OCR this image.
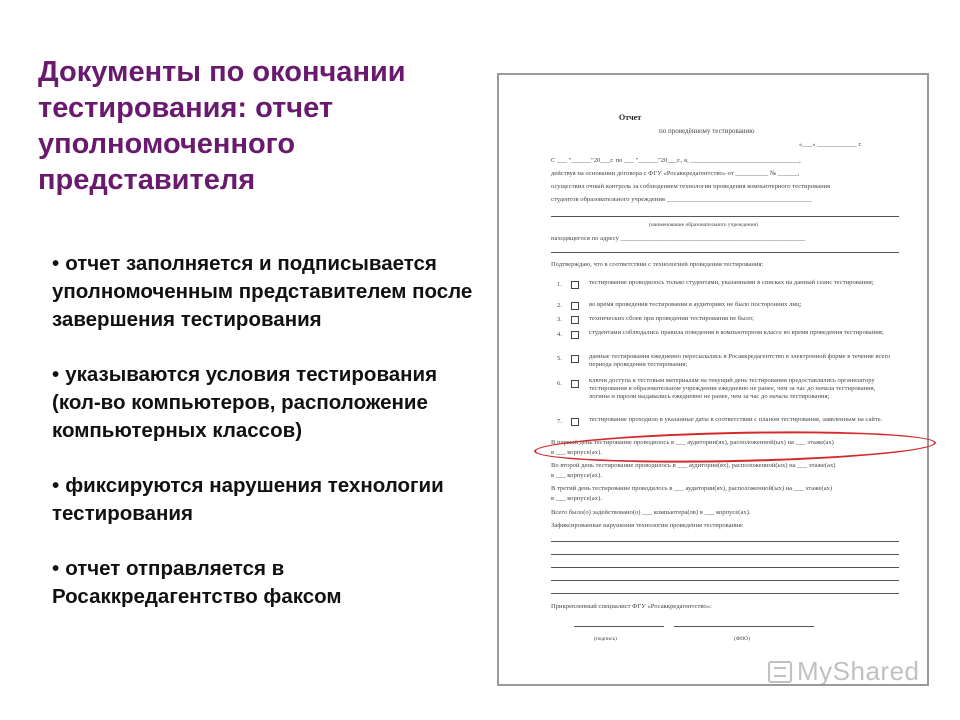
Документы по окончании тестирования: отчет уполномоченного представителя
• отчет заполняется и подписывается уполномоченным представителем после завершения тестирования
• указываются условия тестирования (кол-во компьютеров, расположение компьютерных классов)
• фиксируются нарушения технологии тестирования
• отчет отправляется в Росаккредагентство факсом
Отчет
по проведённому тестированию
«___» ____________ г.
С ___ "______"20___г. по ___ "______"20___г., я, _________________________________,
действуя на основании договора с ФГУ «Росаккредагентство» от __________ № ______,
осуществил очный контроль за соблюдением технологии проведения компьютерного тестирования
студентов образовательного учреждения ____________________________________________
(наименование образовательного учреждения)
находящегося по адресу ________________________________________________________
Подтверждаю, что в соответствии с технологией проведения тестирования:
1.	тестирование проводилось только студентами, указанными в списках на данный сеанс тестирования;
2.	во время проведения тестирования в аудиториях не было посторонних лиц;
3.	технических сбоев при проведении тестирования не было;
4.	студентами соблюдались правила поведения в компьютерном классе во время проведения тестирования;
5.	данные тестирования ежедневно пересылались в Росаккредагентство в электронной форме в течение всего периода проведения тестирования;
6.	ключи доступа к тестовым материалам на текущий день тестирования предоставлялись организатору тестирования в образовательном учреждении ежедневно не ранее, чем за час до начала тестирования, логины и пароли выдавались ежедневно не ранее, чем за час до начала тестирования;
7.	тестирование проходило в указанные даты в соответствии с планом тестирования, заявленным на сайте.
В первый день тестирование проводилось в ___ аудитории(ях), расположенной(ых) на ___ этаже(ах)
в ___ корпусе(ах).
Во второй день тестирование проводилось в ___ аудитории(ях), расположенной(ых) на ___ этаже(ах)
в ___ корпусе(ах).
В третий день тестирование проводилось в ___ аудитории(ях), расположенной(ых) на ___ этаже(ах)
в ___ корпусе(ах).
Всего было(о) задействовано(о) ___ компьютера(ов) в ___ корпусе(ах).
Зафиксированные нарушения технологии проведения тестирования:
Прикрепленный специалист ФГУ «Росаккредагентство»:
(подпись)	(ФИО)
MyShared
